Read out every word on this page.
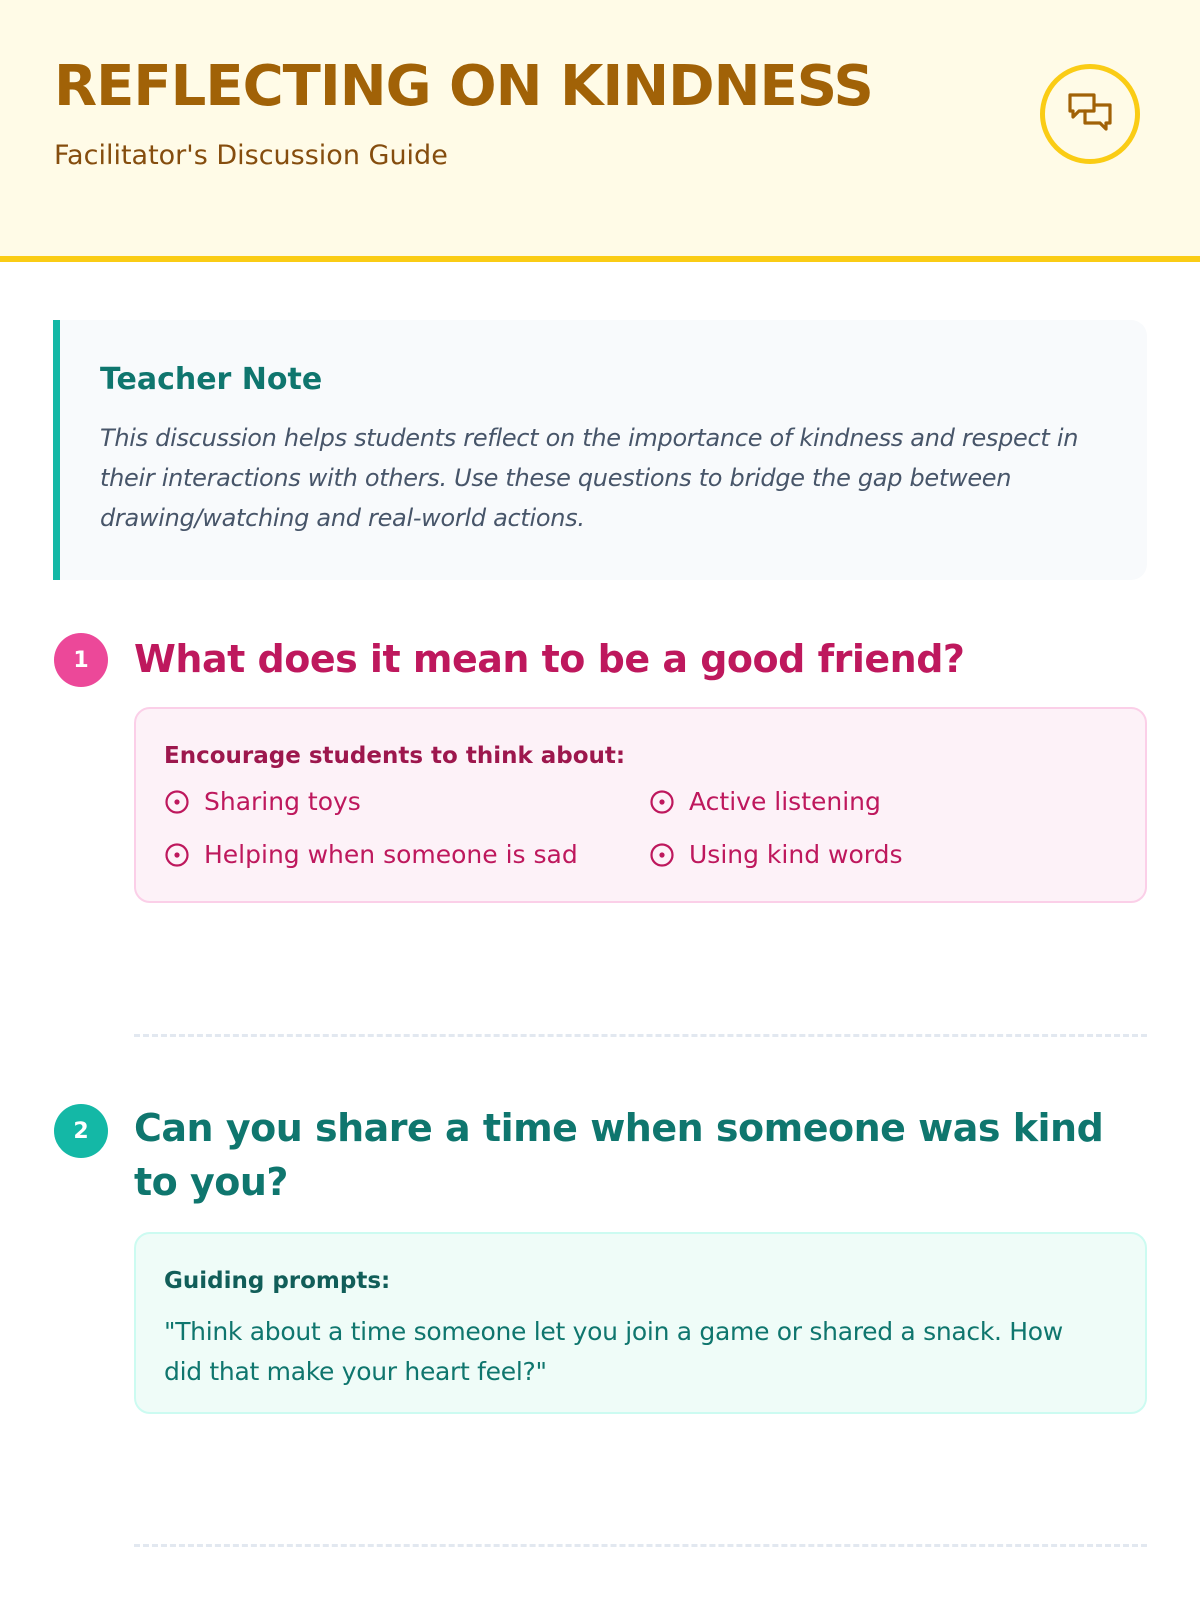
REFLECTING ON KINDNESS
Facilitator's Discussion Guide
Teacher Note
This discussion helps students reflect on the importance of kindness and respect in their interactions with others. Use these questions to bridge the gap between drawing/watching and real-world actions.
1	What does it mean to be a good friend?
Encourage students to think about:
Sharing toys	Active listening
Helping when someone is sad	Using kind words
2	Can you share a time when someone was kind to you?
Guiding prompts:
"Think about a time someone let you join a game or shared a snack. How did that make your heart feel?"
